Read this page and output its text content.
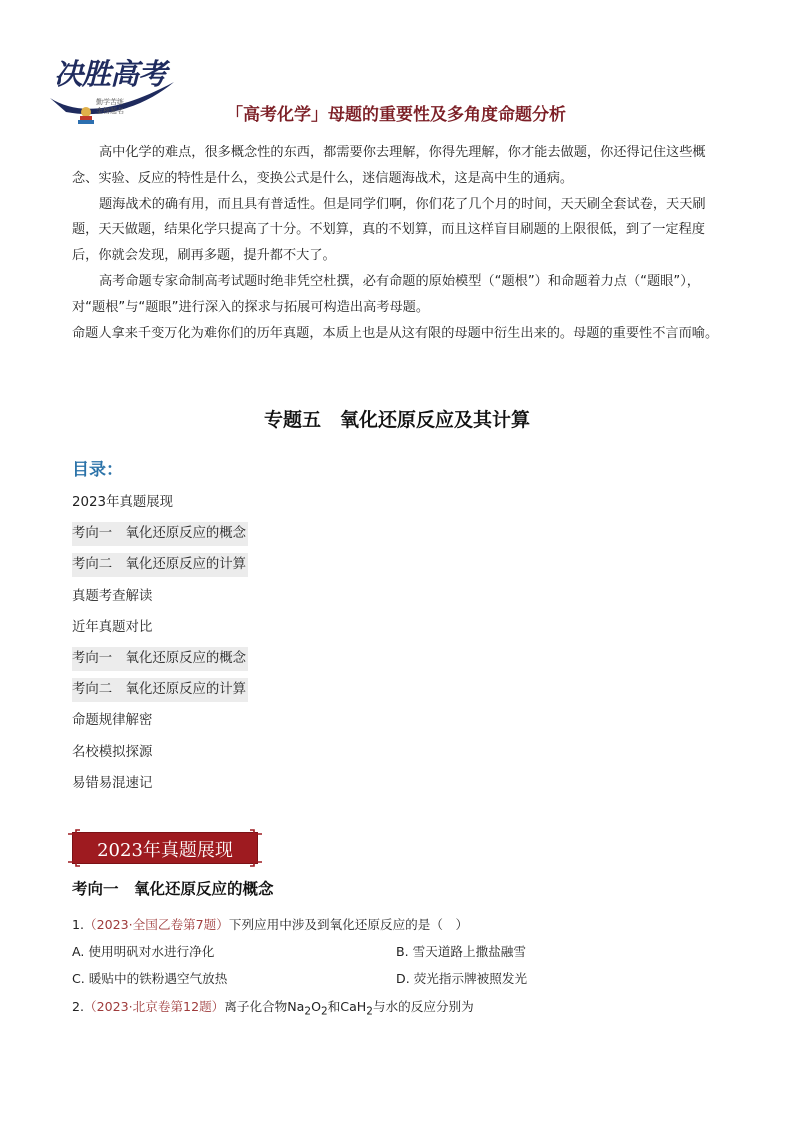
决胜高考
勤学苦练
金榜题名	「高考化学」母题的重要性及多角度命题分析

高中化学的难点，很多概念性的东西，都需要你去理解，你得先理解，你才能去做题，你还得记住这些概念、实验、反应的特性是什么，变换公式是什么，迷信题海战术，这是高中生的通病。

题海战术的确有用，而且具有普适性。但是同学们啊，你们花了几个月的时间，天天刷全套试卷，天天刷题，天天做题，结果化学只提高了十分。不划算，真的不划算，而且这样盲目刷题的上限很低，到了一定程度后，你就会发现，刷再多题，提升都不大了。

高考命题专家命制高考试题时绝非凭空杜撰，必有命题的原始模型（“题根”）和命题着力点（“题眼”），对“题根”与“题眼”进行深入的探求与拓展可构造出高考母题。

命题人拿来千变万化为难你们的历年真题，本质上也是从这有限的母题中衍生出来的。母题的重要性不言而喻。

专题五　氧化还原反应及其计算
目录：
2023年真题展现
考向一　氧化还原反应的概念
考向二　氧化还原反应的计算
真题考查解读
近年真题对比
考向一　氧化还原反应的概念
考向二　氧化还原反应的计算
命题规律解密
名校模拟探源
易错易混速记
2023年真题展现
考向一　氧化还原反应的概念
1.（2023·全国乙卷第7题）下列应用中涉及到氧化还原反应的是（　）
A. 使用明矾对水进行净化	B. 雪天道路上撒盐融雪
C. 暖贴中的铁粉遇空气放热	D. 荧光指示牌被照发光
2.（2023·北京卷第12题）离子化合物$Na_2O_2$和CaH$_2$与水的反应分别为
